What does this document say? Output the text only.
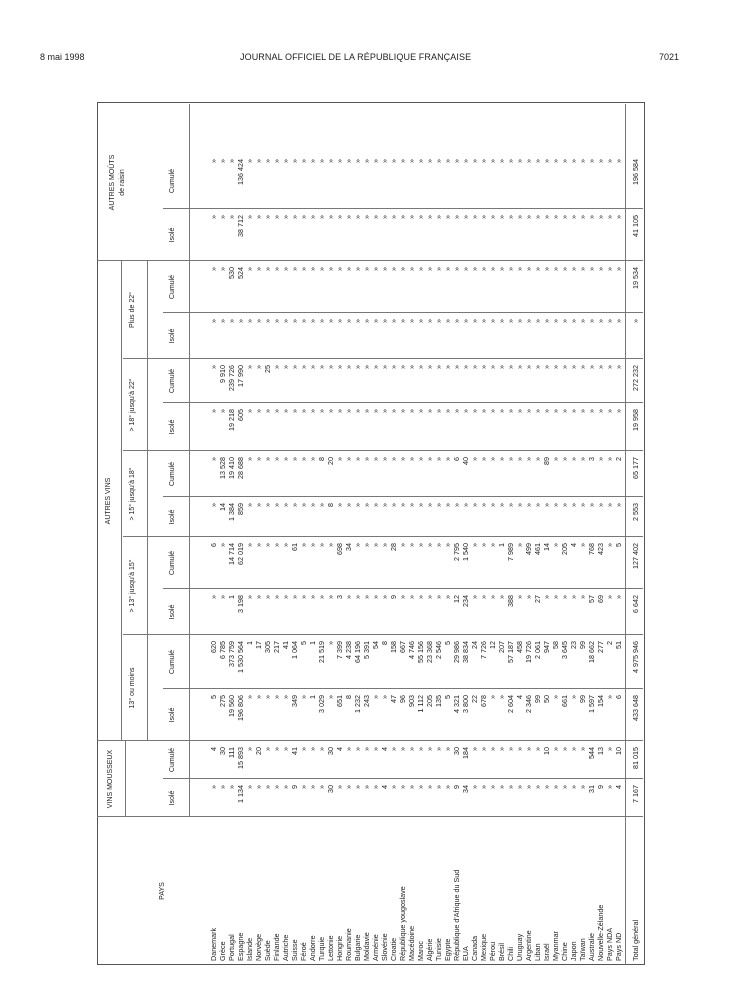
8 mai 1998	JOURNAL OFFICIEL DE LA RÉPUBLIQUE FRANÇAISE	7021
PAYS
VINS MOUSSEUX
AUTRES VINS
AUTRES MOÛTS de raisin
13° ou moins
> 13° jusqu'à 15°
> 15° jusqu'à 18°
> 18° jusqu'à 22°
Plus de 22°
Isolé
Cumulé
Isolé
Cumulé
Isolé
Cumulé
Isolé
Cumulé
Isolé
Cumulé
Isolé
Cumulé
Isolé
Cumulé
Danemark
»
4
5
620
»
6
»
»
»
»
»
»
»
»
Grèce
»
30
275
6 785
»
»
14
13 528
»
9 910
»
»
»
»
Portugal
»
111
19 560
373 759
1
14 714
1 384
19 410
19 218
239 726
»
530
»
»
Espagne
1 134
15 893
196 806
1 530 564
3 198
62 019
859
28 688
605
17 990
»
524
38 712
136 424
Islande
»
»
»
1
»
»
»
»
»
»
»
»
»
»
Norvège
»
20
»
17
»
»
»
»
»
»
»
»
»
»
Suède
»
»
»
305
»
»
»
»
»
25
»
»
»
»
Finlande
»
»
»
217
»
»
»
»
»
»
»
»
»
»
Autriche
»
»
»
41
»
»
»
»
»
»
»
»
»
»
Suisse
9
41
349
1 064
»
61
»
»
»
»
»
»
»
»
Féroé
»
»
»
5
»
»
»
»
»
»
»
»
»
»
Andorre
»
»
1
1
»
»
»
»
»
»
»
»
»
»
Turquie
»
»
3 029
21 519
»
»
»
8
»
»
»
»
»
»
Lettonie
30
30
»
»
»
»
8
20
»
»
»
»
»
»
Hongrie
»
4
651
7 399
3
698
»
»
»
»
»
»
»
»
Roumanie
»
»
8
4 238
»
34
»
»
»
»
»
»
»
»
Bulgarie
»
»
1 232
64 196
»
»
»
»
»
»
»
»
»
»
Moldavie
»
»
243
5 391
»
»
»
»
»
»
»
»
»
»
Arménie
»
»
»
54
»
»
»
»
»
»
»
»
»
»
Slovénie
4
4
»
8
»
»
»
»
»
»
»
»
»
»
Croatie
»
»
47
158
9
28
»
»
»
»
»
»
»
»
République yougoslave
»
»
96
667
»
»
»
»
»
»
»
»
»
»
Macédoine
»
»
903
4 746
»
»
»
»
»
»
»
»
»
»
Maroc
»
»
1 112
55 156
»
»
»
»
»
»
»
»
»
»
Algérie
»
»
205
23 368
»
»
»
»
»
»
»
»
»
»
Tunisie
»
»
135
2 546
»
»
»
»
»
»
»
»
»
»
Egypte
»
»
5
5
»
»
»
»
»
»
»
»
»
»
République d'Afrique du Sud
9
30
4 321
29 986
12
2 795
»
6
»
»
»
»
»
»
EUA
34
184
3 800
38 834
234
1 540
»
40
»
»
»
»
»
»
Canada
»
»
22
24
»
»
»
»
»
»
»
»
»
»
Mexique
»
»
678
7 726
»
»
»
»
»
»
»
»
»
»
Pérou
»
»
»
12
»
»
»
»
»
»
»
»
»
»
Brésil
»
»
»
207
»
1
»
»
»
»
»
»
»
»
Chili
»
»
2 604
57 187
388
7 989
»
»
»
»
»
»
»
»
Uruguay
»
»
4
458
»
»
»
»
»
»
»
»
»
»
Argentine
»
»
2 346
19 726
»
499
»
»
»
»
»
»
»
»
Liban
»
»
99
2 061
27
461
»
»
»
»
»
»
»
»
Israël
»
10
50
947
»
14
»
89
»
»
»
»
»
»
Myanmar
»
»
»
58
»
»
»
»
»
»
»
»
»
»
Chine
»
»
661
3 645
»
205
»
»
»
»
»
»
»
»
Japon
»
»
»
23
»
4
»
»
»
»
»
»
»
»
Taïwan
»
»
99
99
»
»
»
»
»
»
»
»
»
»
Australie
31
544
1 597
18 662
57
768
»
3
»
»
»
»
»
»
Nouvelle-Zélande
9
13
154
277
69
423
»
»
»
»
»
»
»
»
Pays NDA
»
»
»
2
»
»
»
»
»
»
»
»
»
»
Pays ND
4
10
6
51
»
5
»
2
»
»
»
»
»
»
Total général
7 167
81 015
433 648
4 975 946
6 642
127 402
2 553
65 177
19 958
272 232
»
19 534
41 105
196 584
